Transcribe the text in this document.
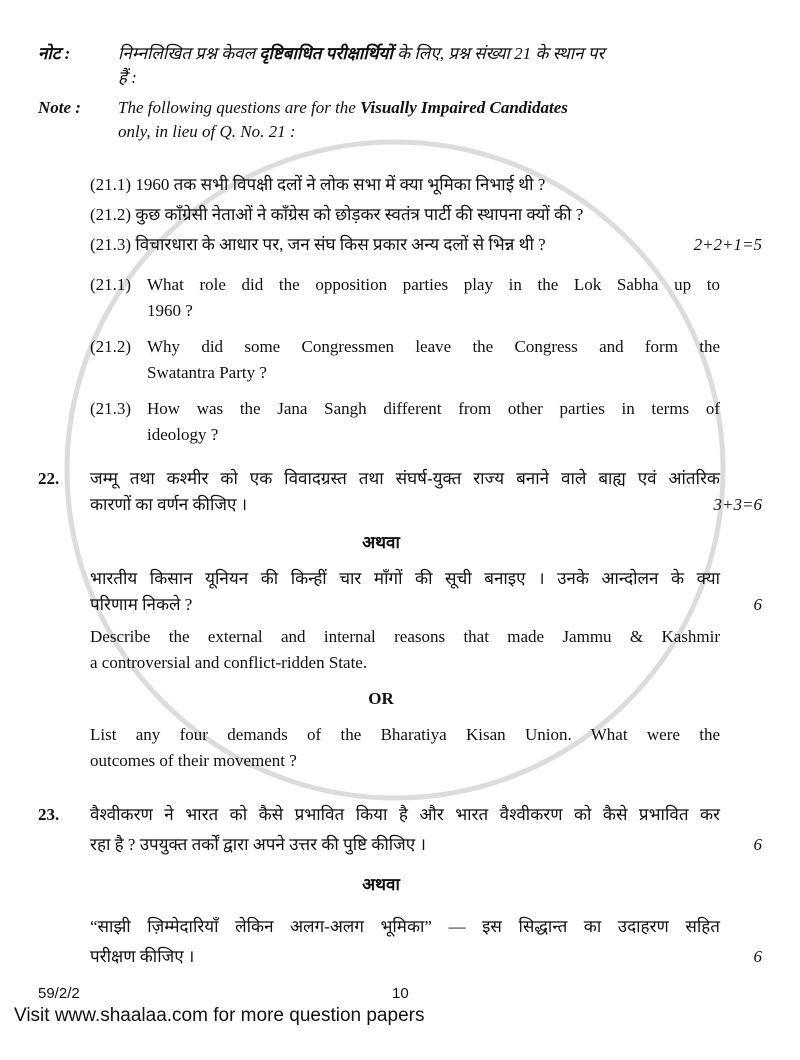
नोट :	निम्नलिखित प्रश्न केवल दृष्टिबाधित परीक्षार्थियों के लिए, प्रश्न संख्या 21 के स्थान पर
हैं :
Note :	The following questions are for the Visually Impaired Candidates
only, in lieu of Q. No. 21 :
(21.1) 1960 तक सभी विपक्षी दलों ने लोक सभा में क्या भूमिका निभाई थी ?
(21.2) कुछ काँग्रेसी नेताओं ने काँग्रेस को छोड़कर स्वतंत्र पार्टी की स्थापना क्यों की ?
(21.3) विचारधारा के आधार पर, जन संघ किस प्रकार अन्य दलों से भिन्न थी ?	2+2+1=5
(21.1) What role did the opposition parties play in the Lok Sabha up to
1960 ?
(21.2) Why did some Congressmen leave the Congress and form the
Swatantra Party ?
(21.3) How was the Jana Sangh different from other parties in terms of
ideology ?
22.	जम्मू तथा कश्मीर को एक विवादग्रस्त तथा संघर्ष-युक्त राज्य बनाने वाले बाह्य एवं आंतरिक
कारणों का वर्णन कीजिए ।	3+3=6
अथवा
भारतीय किसान यूनियन की किन्हीं चार माँगों की सूची बनाइए । उनके आन्दोलन के क्या
परिणाम निकले ?	6
Describe the external and internal reasons that made Jammu & Kashmir
a controversial and conflict-ridden State.
OR
List any four demands of the Bharatiya Kisan Union. What were the
outcomes of their movement ?
23.	वैश्वीकरण ने भारत को कैसे प्रभावित किया है और भारत वैश्वीकरण को कैसे प्रभावित कर
रहा है ? उपयुक्त तर्कों द्वारा अपने उत्तर की पुष्टि कीजिए ।	6
अथवा
“साझी ज़िम्मेदारियाँ लेकिन अलग-अलग भूमिका” — इस सिद्धान्त का उदाहरण सहित
परीक्षण कीजिए ।	6
59/2/2	10
Visit www.shaalaa.com for more question papers
